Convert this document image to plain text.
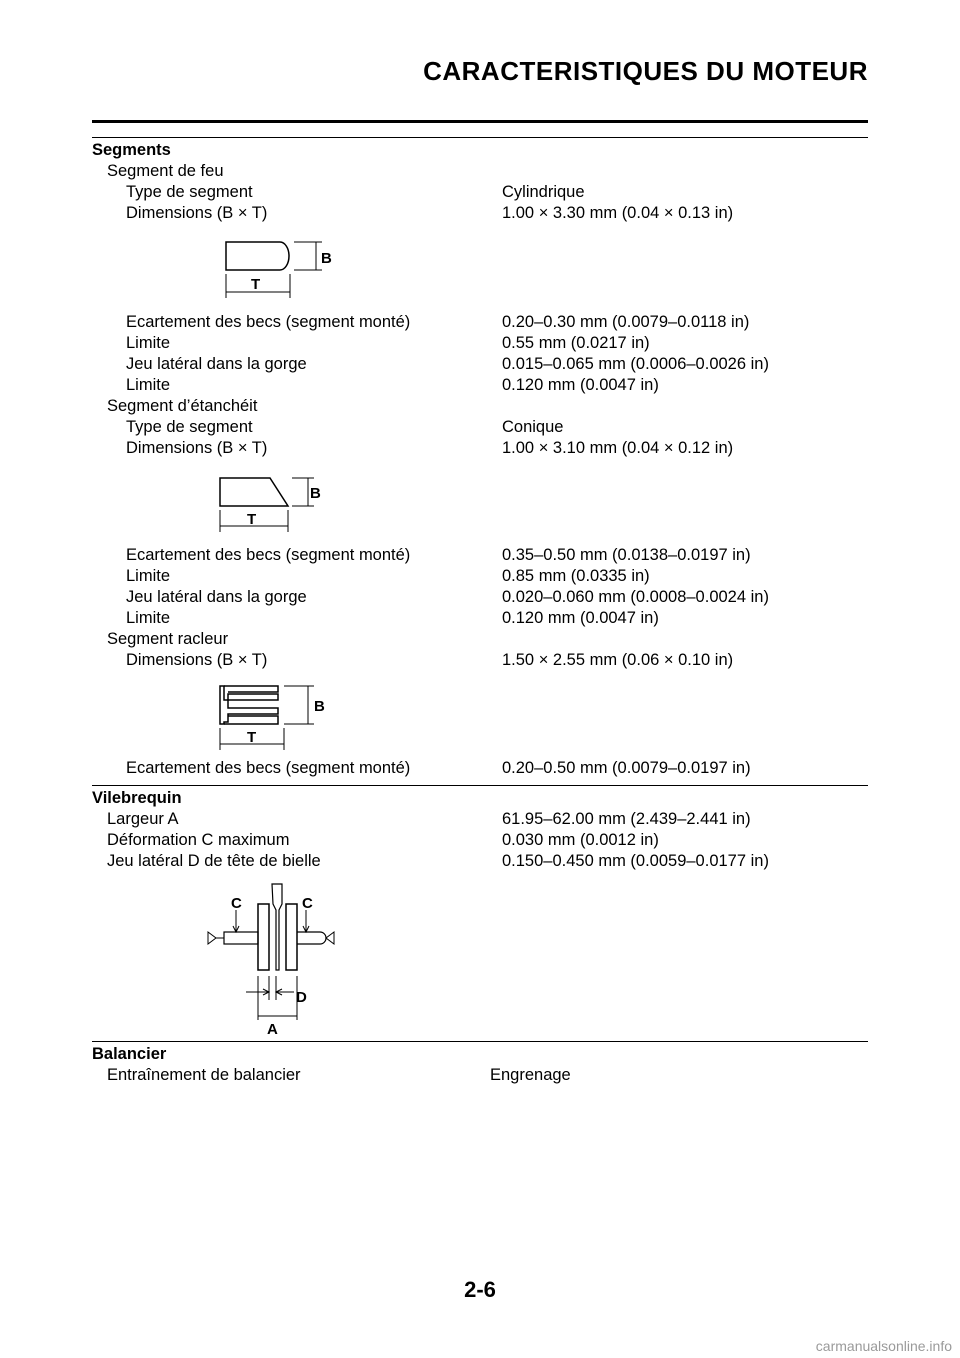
CARACTERISTIQUES DU MOTEUR
Segments
Segment de feu
Type de segment	Cylindrique
Dimensions (B × T)	1.00 × 3.30 mm (0.04 × 0.13 in)
B
T
Ecartement des becs (segment monté)	0.20–0.30 mm (0.0079–0.0118 in)
Limite	0.55 mm (0.0217 in)
Jeu latéral dans la gorge	0.015–0.065 mm (0.0006–0.0026 in)
Limite	0.120 mm (0.0047 in)
Segment d’étanchéit
Type de segment	Conique
Dimensions (B × T)	1.00 × 3.10 mm (0.04 × 0.12 in)
B
T
Ecartement des becs (segment monté)	0.35–0.50 mm (0.0138–0.0197 in)
Limite	0.85 mm (0.0335 in)
Jeu latéral dans la gorge	0.020–0.060 mm (0.0008–0.0024 in)
Limite	0.120 mm (0.0047 in)
Segment racleur
Dimensions (B × T)	1.50 × 2.55 mm (0.06 × 0.10 in)
B
T
Ecartement des becs (segment monté)	0.20–0.50 mm (0.0079–0.0197 in)
Vilebrequin
Largeur A	61.95–62.00 mm (2.439–2.441 in)
Déformation C maximum	0.030 mm (0.0012 in)
Jeu latéral D de tête de bielle	0.150–0.450 mm (0.0059–0.0177 in)
C	C
D
A
Balancier
Entraînement de balancier	Engrenage
2-6
carmanualsonline.info
